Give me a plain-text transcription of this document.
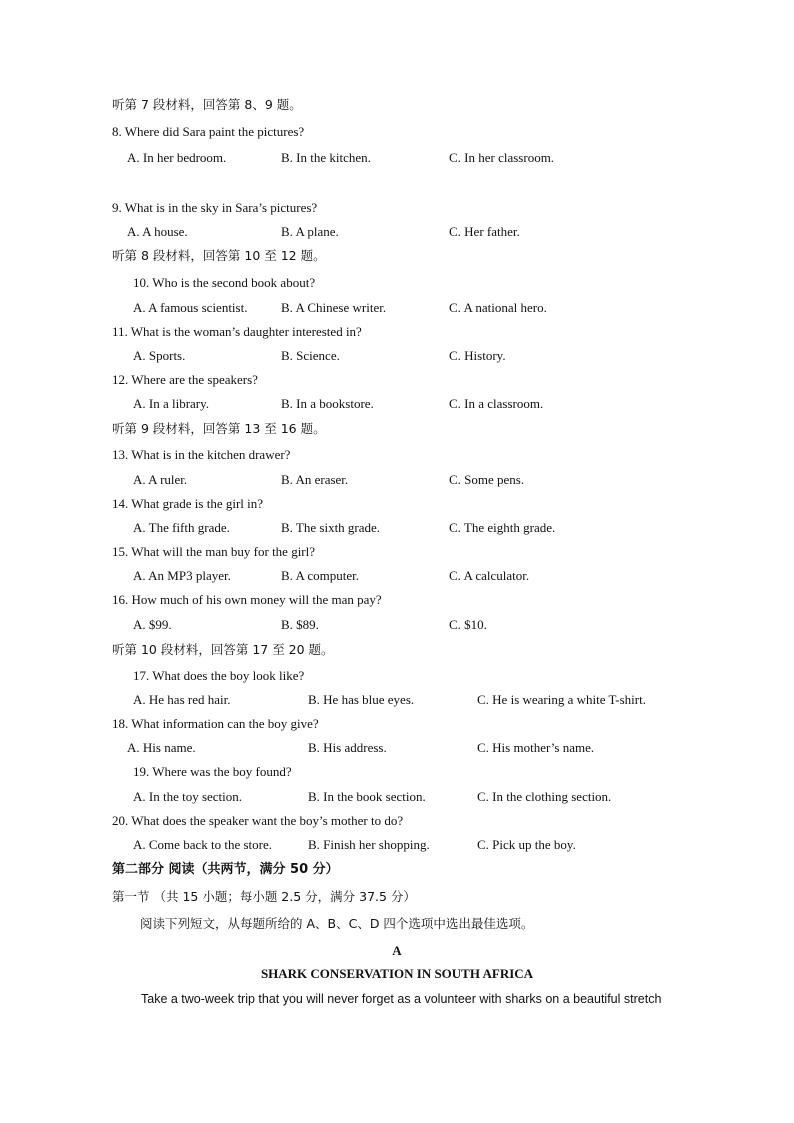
听第 7 段材料，回答第 8、9 题。
8. Where did Sara paint the pictures?
A. In her bedroom.	B. In the kitchen.	C. In her classroom.
9. What is in the sky in Sara’s pictures?
A. A house.	B. A plane.	C. Her father.
听第 8 段材料，回答第 10 至 12 题。
10. Who is the second book about?
A. A famous scientist.	B. A Chinese writer.	C. A national hero.
11. What is the woman’s daughter interested in?
A. Sports.	B. Science.	C. History.
12. Where are the speakers?
A. In a library.	B. In a bookstore.	C. In a classroom.
听第 9 段材料，回答第 13 至 16 题。
13. What is in the kitchen drawer?
A. A ruler.	B. An eraser.	C. Some pens.
14. What grade is the girl in?
A. The fifth grade.	B. The sixth grade.	C. The eighth grade.
15. What will the man buy for the girl?
A. An MP3 player.	B. A computer.	C. A calculator.
16. How much of his own money will the man pay?
A. $99.	B. $89.	C. $10.
听第 10 段材料，回答第 17 至 20 题。
17. What does the boy look like?
A. He has red hair.	B. He has blue eyes.	C. He is wearing a white T-shirt.
18. What information can the boy give?
A. His name.	B. His address.	C. His mother’s name.
19. Where was the boy found?
A. In the toy section.	B. In the book section.	C. In the clothing section.
20. What does the speaker want the boy’s mother to do?
A. Come back to the store.	B. Finish her shopping.	C. Pick up the boy.
第二部分 阅读（共两节，满分 50 分）
第一节 （共 15 小题；每小题 2.5 分，满分 37.5 分）
阅读下列短文，从每题所给的 A、B、C、D 四个选项中选出最佳选项。
A
SHARK CONSERVATION IN SOUTH AFRICA
Take a two-week trip that you will never forget as a volunteer with sharks on a beautiful stretch
